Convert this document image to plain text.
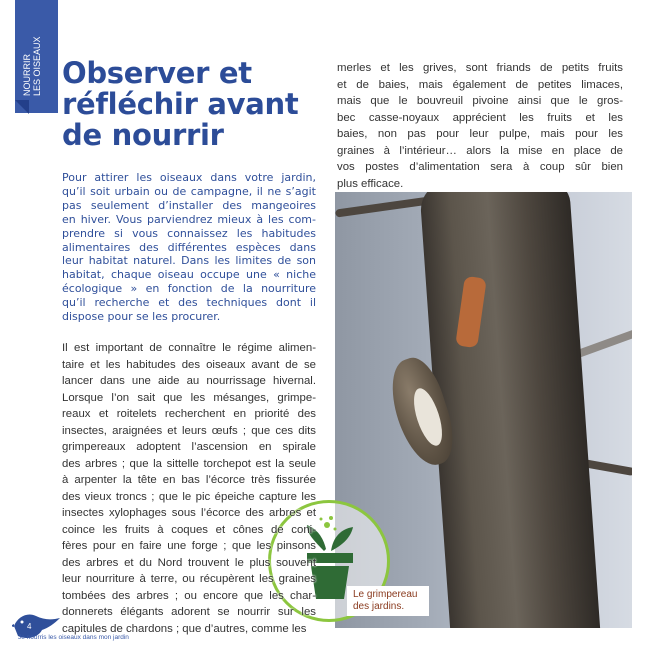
NOURRIR LES OISEAUX Observer et
réfléchir avant
de nourrir
Pour attirer les oiseaux dans votre jardin,
qu’il soit urbain ou de campagne, il ne s’agit
pas seulement d’installer des mangeoires
en hiver. Vous parviendrez mieux à les com-
prendre si vous connaissez les habitudes
alimentaires des différentes espèces dans
leur habitat naturel. Dans les limites de son
habitat, chaque oiseau occupe une « niche
écologique » en fonction de la nourriture
qu’il recherche et des techniques dont il
dispose pour se les procurer.
Il est important de connaître le régime alimen-
taire et les habitudes des oiseaux avant de se
lancer dans une aide au nourrissage hivernal.
Lorsque l’on sait que les mésanges, grimpe-
reaux et roitelets recherchent en priorité des
insectes, araignées et leurs œufs ; que ces dits
grimpereaux adoptent l’ascension en spirale
des arbres ; que la sittelle torchepot est la seule
à arpenter la tête en bas l’écorce très fissurée
des vieux troncs ; que le pic épeiche capture les
insectes xylophages sous l’écorce des arbres et
coince les fruits à coques et cônes de coni-
fères pour en faire une forge ; que les pinsons
des arbres et du Nord trouvent le plus souvent
leur nourriture à terre, ou récupèrent les graines
tombées des arbres ; ou encore que les char-
donnerets élégants adorent se nourrir sur les
capitules de chardons ; que d’autres, comme les
merles et les grives, sont friands de petits fruits
et de baies, mais également de petites limaces,
mais que le bouvreuil pivoine ainsi que le gros-
bec casse-noyaux apprécient les fruits et les
baies, non pas pour leur pulpe, mais pour les
graines à l’intérieur… alors la mise en place de
vos postes d’alimentation sera à coup sûr bien
plus efficace.
Le grimpereau
des jardins.
4
Je nourris les oiseaux dans mon jardin
